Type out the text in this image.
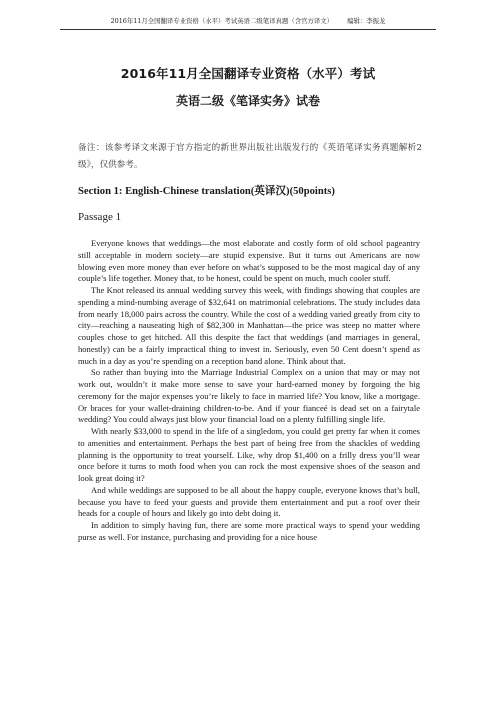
2016年11月全国翻译专业资格（水平）考试英语二级笔译真题（含官方译文） 编辑：李振龙
2016年11月全国翻译专业资格（水平）考试
英语二级《笔译实务》试卷
备注：该参考译文来源于官方指定的新世界出版社出版发行的《英语笔译实务真题解析2级》，仅供参考。
Section 1: English-Chinese translation(英译汉)(50points)
Passage 1

Everyone knows that weddings—the most elaborate and costly form of old school pageantry still acceptable in modern society—are stupid expensive. But it turns out Americans are now blowing even more money than ever before on what’s supposed to be the most magical day of any couple’s life together. Money that, to be honest, could be spent on much, much cooler stuff.

The Knot released its annual wedding survey this week, with findings showing that couples are spending a mind-numbing average of $32,641 on matrimonial celebrations. The study includes data from nearly 18,000 pairs across the country. While the cost of a wedding varied greatly from city to city—reaching a nauseating high of $82,300 in Manhattan—the price was steep no matter where couples chose to get hitched. All this despite the fact that weddings (and marriages in general, honestly) can be a fairly impractical thing to invest in. Seriously, even 50 Cent doesn’t spend as much in a day as you’re spending on a reception band alone. Think about that.

So rather than buying into the Marriage Industrial Complex on a union that may or may not work out, wouldn’t it make more sense to save your hard-earned money by forgoing the big ceremony for the major expenses you’re likely to face in married life? You know, like a mortgage. Or braces for your wallet-draining children-to-be. And if your fianceé is dead set on a fairytale wedding? You could always just blow your financial load on a plenty fulfilling single life.

With nearly $33,000 to spend in the life of a singledom, you could get pretty far when it comes to amenities and entertainment. Perhaps the best part of being free from the shackles of wedding planning is the opportunity to treat yourself. Like, why drop $1,400 on a frilly dress you’ll wear once before it turns to moth food when you can rock the most expensive shoes of the season and look great doing it?

And while weddings are supposed to be all about the happy couple, everyone knows that’s bull, because you have to feed your guests and provide them entertainment and put a roof over their heads for a couple of hours and likely go into debt doing it.

In addition to simply having fun, there are some more practical ways to spend your wedding purse as well. For instance, purchasing and providing for a nice house
